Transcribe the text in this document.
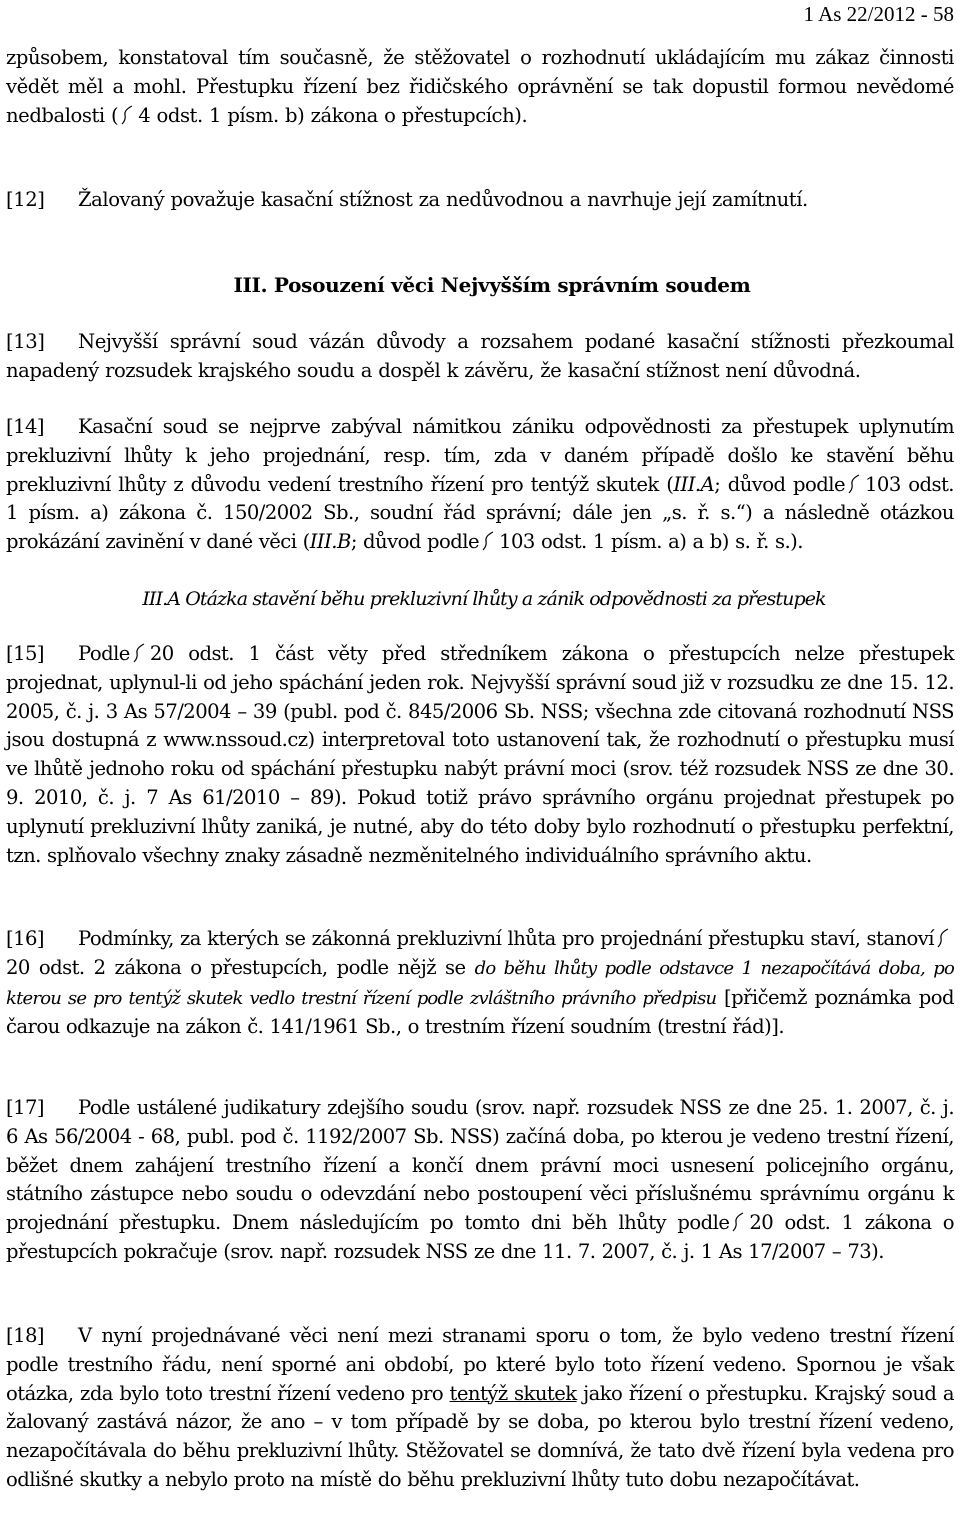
1 As 22/2012 - 58
způsobem, konstatoval tím současně, že stěžovatel o rozhodnutí ukládajícím mu zákaz činnosti vědět měl a mohl. Přestupku řízení bez řidičského oprávnění se tak dopustil formou nevědomé nedbalosti ( 4 odst. 1 písm. b) zákona o přestupcích).
[12] Žalovaný považuje kasační stížnost za nedůvodnou a navrhuje její zamítnutí.
III. Posouzení věci Nejvyšším správním soudem
[13] Nejvyšší správní soud vázán důvody a rozsahem podané kasační stížnosti přezkoumal napadený rozsudek krajského soudu a dospěl k závěru, že kasační stížnost není důvodná.
[14] Kasační soud se nejprve zabýval námitkou zániku odpovědnosti za přestupek uplynutím prekluzivní lhůty k jeho projednání, resp. tím, zda v daném případě došlo ke stavění běhu prekluzivní lhůty z důvodu vedení trestního řízení pro tentýž skutek (III.A; důvod podle 103 odst. 1 písm. a) zákona č. 150/2002 Sb., soudní řád správní; dále jen „s. ř. s.“) a následně otázkou prokázání zavinění v dané věci (III.B; důvod podle 103 odst. 1 písm. a) a b) s. ř. s.).
III.A Otázka stavění běhu prekluzivní lhůty a zánik odpovědnosti za přestupek
[15] Podle 20 odst. 1 část věty před středníkem zákona o přestupcích nelze přestupek projednat, uplynul-li od jeho spáchání jeden rok. Nejvyšší správní soud již v rozsudku ze dne 15. 12. 2005, č. j. 3 As 57/2004 – 39 (publ. pod č. 845/2006 Sb. NSS; všechna zde citovaná rozhodnutí NSS jsou dostupná z www.nssoud.cz) interpretoval toto ustanovení tak, že rozhodnutí o přestupku musí ve lhůtě jednoho roku od spáchání přestupku nabýt právní moci (srov. též rozsudek NSS ze dne 30. 9. 2010, č. j. 7 As 61/2010 – 89). Pokud totiž právo správního orgánu projednat přestupek po uplynutí prekluzivní lhůty zaniká, je nutné, aby do této doby bylo rozhodnutí o přestupku perfektní, tzn. splňovalo všechny znaky zásadně nezměnitelného individuálního správního aktu.
[16] Podmínky, za kterých se zákonná prekluzivní lhůta pro projednání přestupku staví, stanoví20 odst. 2 zákona o přestupcích, podle nějž se do běhu lhůty podle odstavce 1 nezapočítává doba, po kterou se pro tentýž skutek vedlo trestní řízení podle zvláštního právního předpisu [přičemž poznámka pod čarou odkazuje na zákon č. 141/1961 Sb., o trestním řízení soudním (trestní řád)].
[17] Podle ustálené judikatury zdejšího soudu (srov. např. rozsudek NSS ze dne 25. 1. 2007, č. j. 6 As 56/2004 - 68, publ. pod č. 1192/2007 Sb. NSS) začíná doba, po kterou je vedeno trestní řízení, běžet dnem zahájení trestního řízení a končí dnem právní moci usnesení policejního orgánu, státního zástupce nebo soudu o odevzdání nebo postoupení věci příslušnému správnímu orgánu k projednání přestupku. Dnem následujícím po tomto dni běh lhůty podle 20 odst. 1 zákona o přestupcích pokračuje (srov. např. rozsudek NSS ze dne 11. 7. 2007, č. j. 1 As 17/2007 – 73).
[18] V nyní projednávané věci není mezi stranami sporu o tom, že bylo vedeno trestní řízení podle trestního řádu, není sporné ani období, po které bylo toto řízení vedeno. Spornou je však otázka, zda bylo toto trestní řízení vedeno pro tentýž skutek jako řízení o přestupku. Krajský soud a žalovaný zastává názor, že ano – v tom případě by se doba, po kterou bylo trestní řízení vedeno, nezapočítávala do běhu prekluzivní lhůty. Stěžovatel se domnívá, že tato dvě řízení byla vedena pro odlišné skutky a nebylo proto na místě do běhu prekluzivní lhůty tuto dobu nezapočítávat.
